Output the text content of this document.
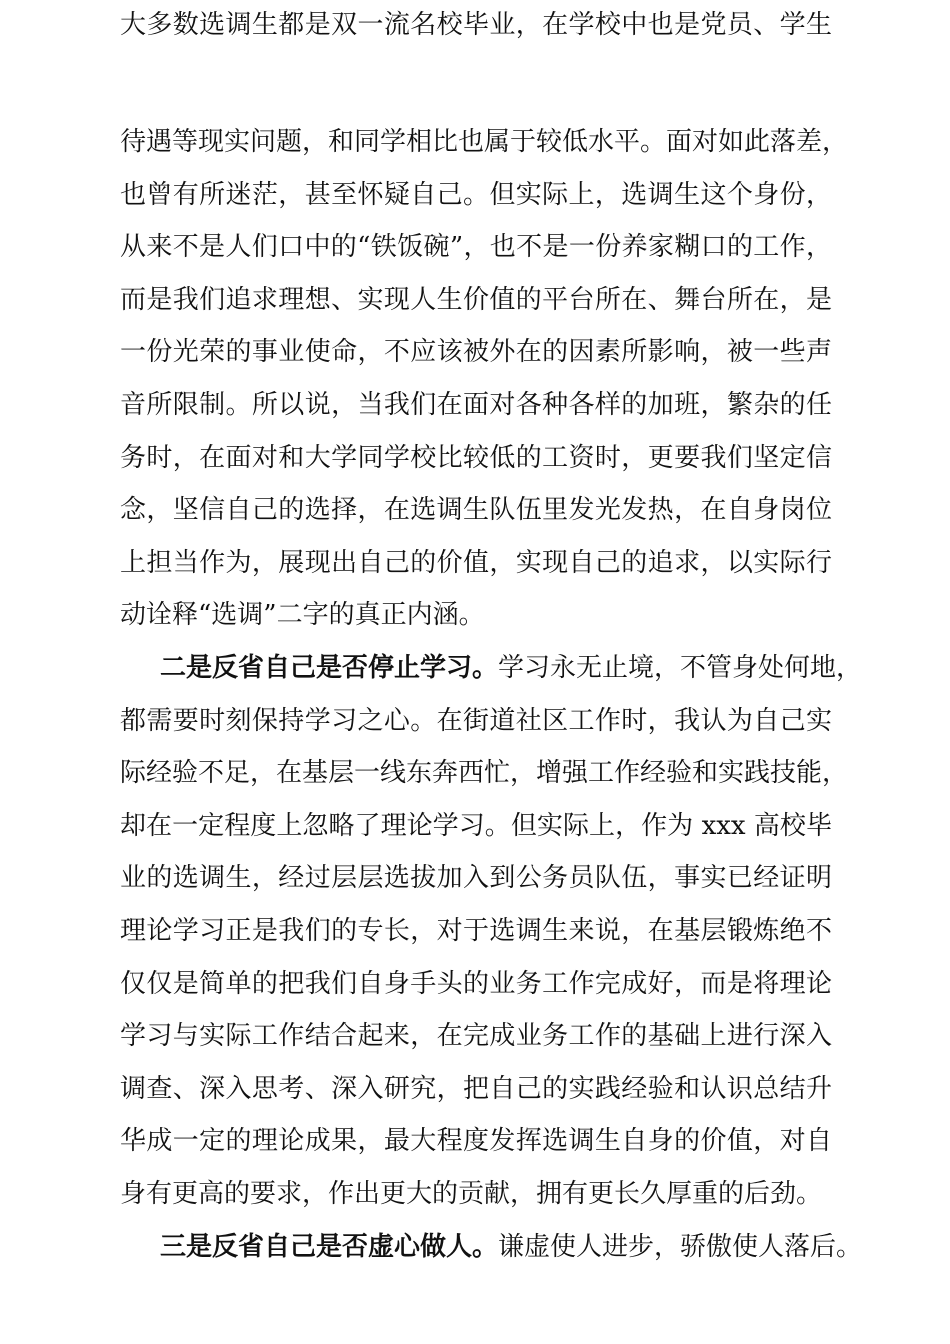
待遇等现实问题，和同学相比也属于较低水平。面对如此落差，
也曾有所迷茫，甚至怀疑自己。但实际上，选调生这个身份，
从来不是人们口中的“铁饭碗”，也不是一份养家糊口的工作，
而是我们追求理想、实现人生价值的平台所在、舞台所在，是
一份光荣的事业使命，不应该被外在的因素所影响，被一些声
音所限制。所以说，当我们在面对各种各样的加班，繁杂的任
务时，在面对和大学同学校比较低的工资时，更要我们坚定信
念，坚信自己的选择，在选调生队伍里发光发热，在自身岗位
上担当作为，展现出自己的价值，实现自己的追求，以实际行
动诠释“选调”二字的真正内涵。
二是反省自己是否停止学习。学习永无止境，不管身处何地，
都需要时刻保持学习之心。在街道社区工作时，我认为自己实
际经验不足，在基层一线东奔西忙，增强工作经验和实践技能，
却在一定程度上忽略了理论学习。但实际上，作为 xxx 高校毕
业的选调生，经过层层选拔加入到公务员队伍，事实已经证明
理论学习正是我们的专长，对于选调生来说，在基层锻炼绝不
仅仅是简单的把我们自身手头的业务工作完成好，而是将理论
学习与实际工作结合起来，在完成业务工作的基础上进行深入
调查、深入思考、深入研究，把自己的实践经验和认识总结升
华成一定的理论成果，最大程度发挥选调生自身的价值，对自
身有更高的要求，作出更大的贡献，拥有更长久厚重的后劲。
三是反省自己是否虚心做人。谦虚使人进步，骄傲使人落后。
大多数选调生都是双一流名校毕业，在学校中也是党员、学生
